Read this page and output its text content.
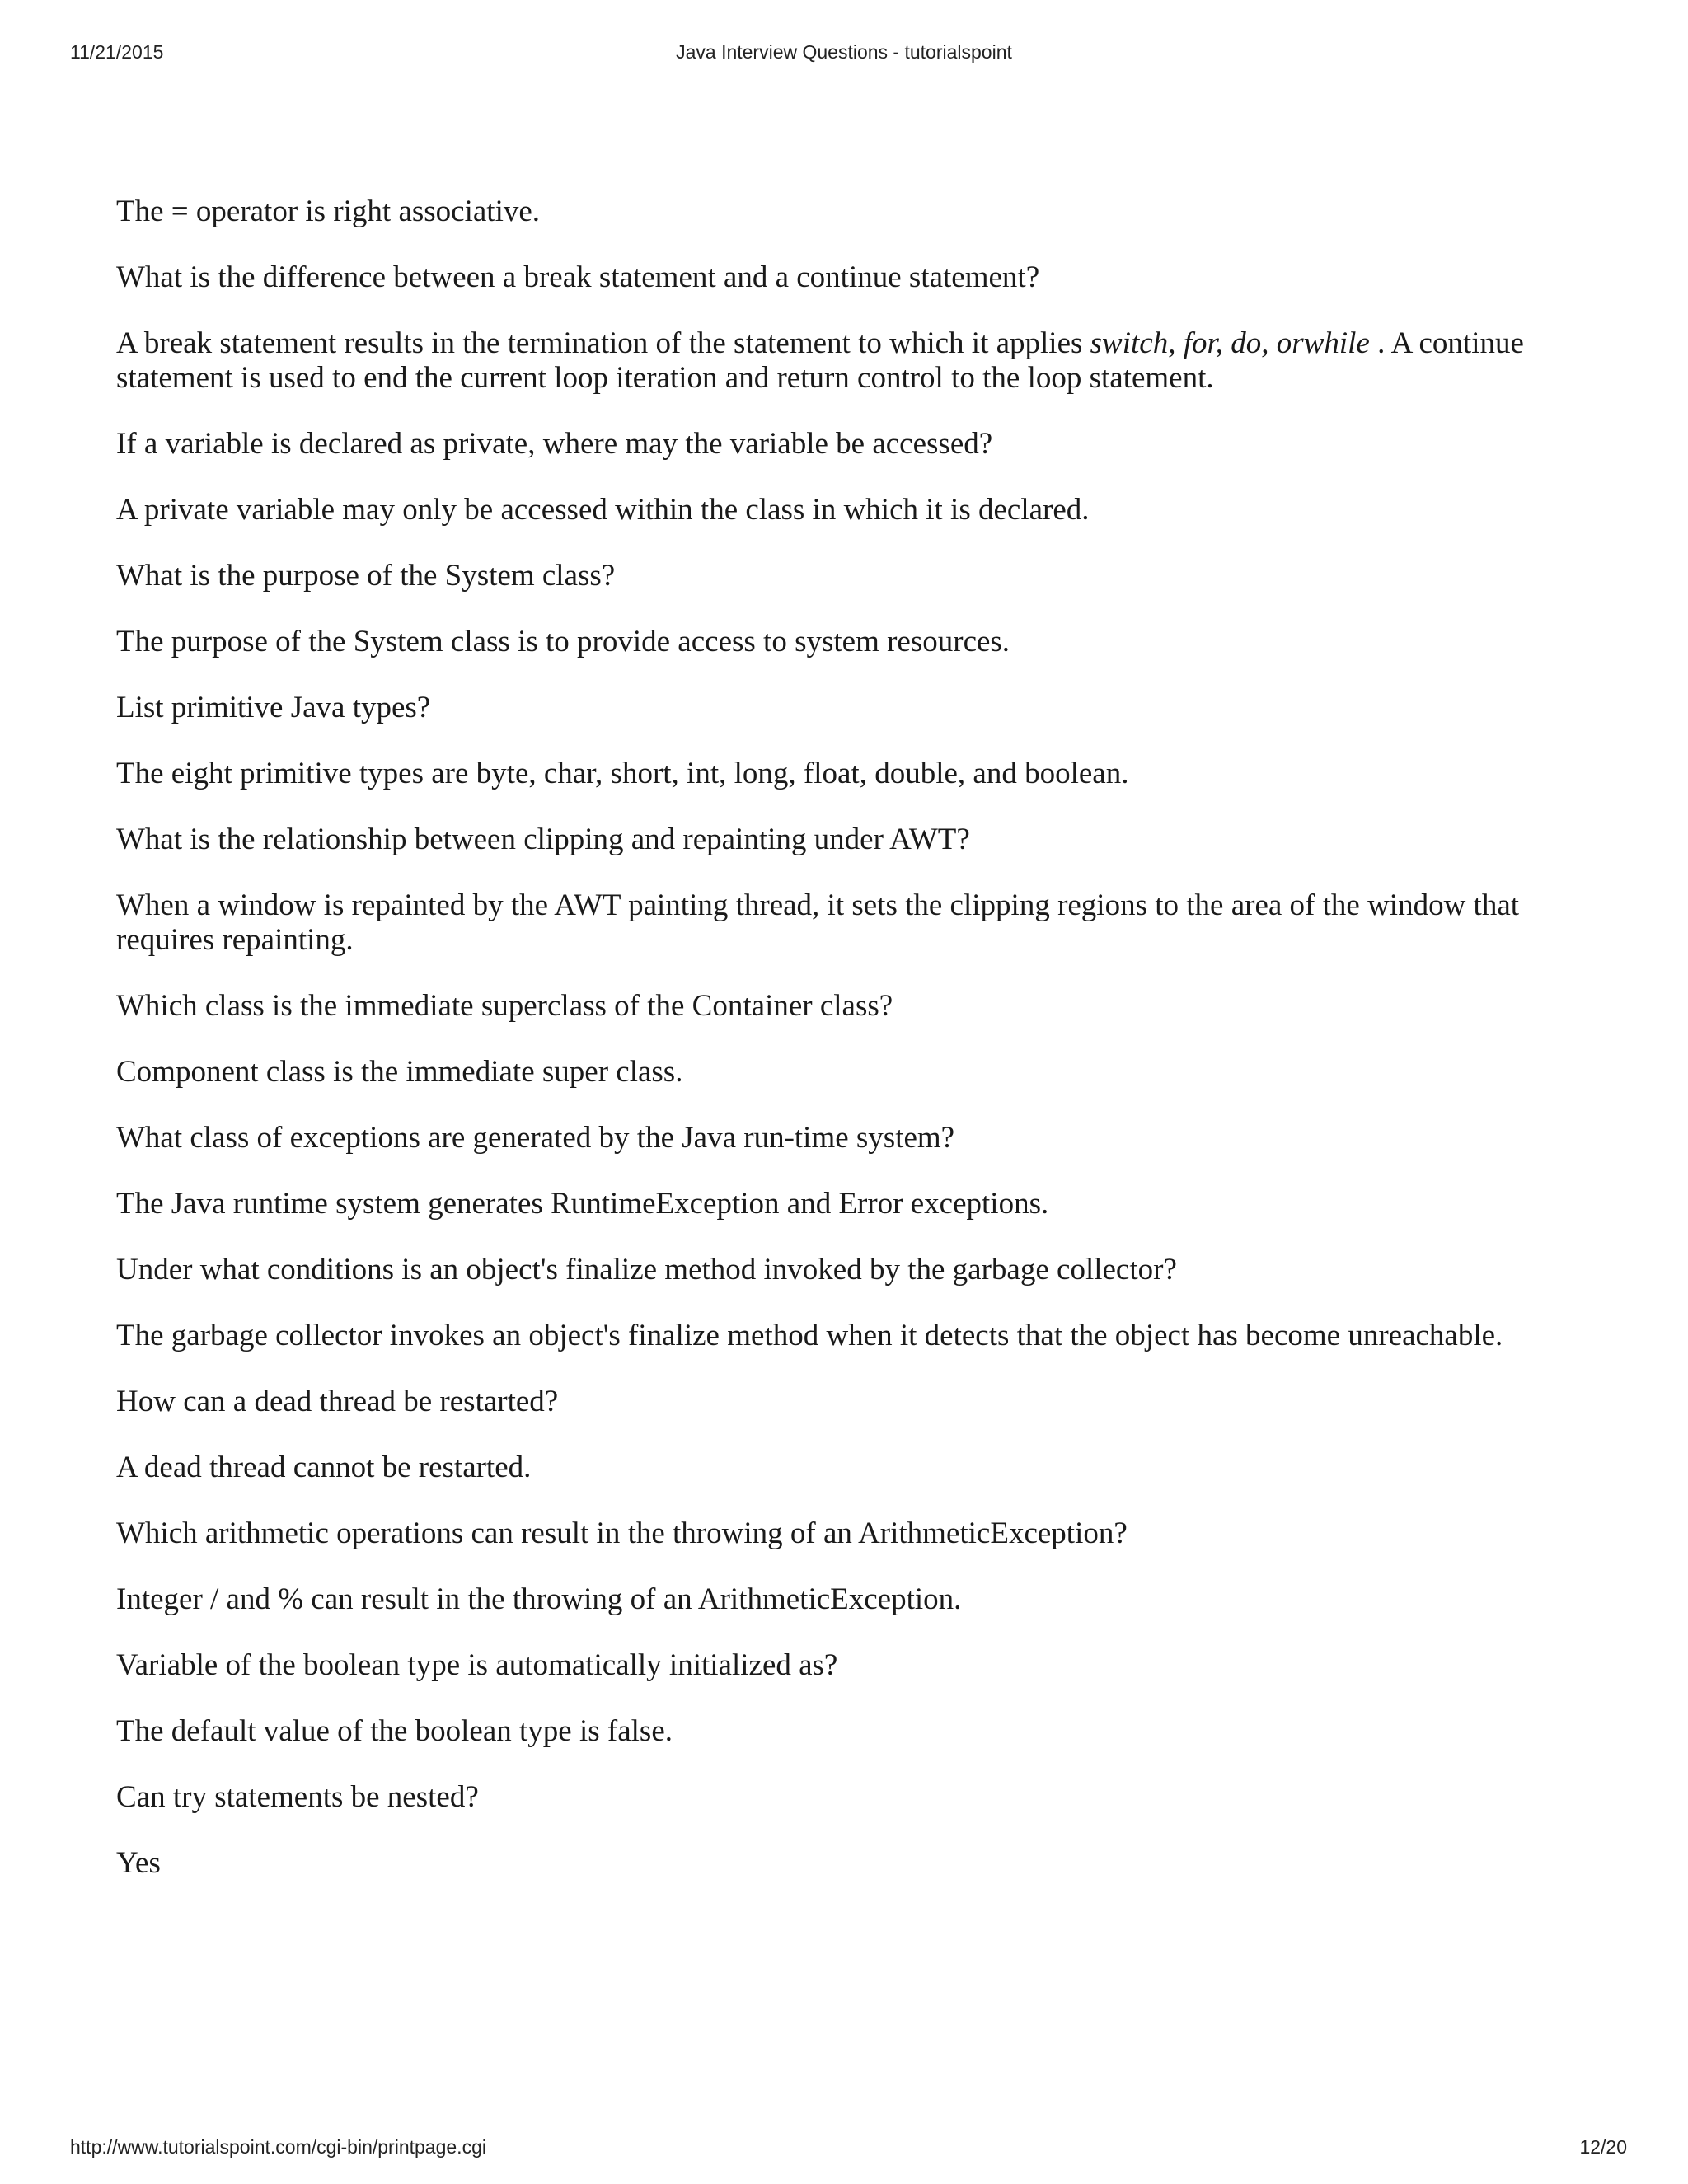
11/21/2015	Java Interview Questions - tutorialspoint

The = operator is right associative.

What is the difference between a break statement and a continue statement?

A break statement results in the termination of the statement to which it applies switch, for, do, orwhile . A continue statement is used to end the current loop iteration and return control to the loop statement.

If a variable is declared as private, where may the variable be accessed?

A private variable may only be accessed within the class in which it is declared.

What is the purpose of the System class?

The purpose of the System class is to provide access to system resources.

List primitive Java types?

The eight primitive types are byte, char, short, int, long, float, double, and boolean.

What is the relationship between clipping and repainting under AWT?

When a window is repainted by the AWT painting thread, it sets the clipping regions to the area of the window that requires repainting.

Which class is the immediate superclass of the Container class?

Component class is the immediate super class.

What class of exceptions are generated by the Java run-time system?

The Java runtime system generates RuntimeException and Error exceptions.

Under what conditions is an object's finalize method invoked by the garbage collector?

The garbage collector invokes an object's finalize method when it detects that the object has become unreachable.

How can a dead thread be restarted?

A dead thread cannot be restarted.

Which arithmetic operations can result in the throwing of an ArithmeticException?

Integer / and % can result in the throwing of an ArithmeticException.

Variable of the boolean type is automatically initialized as?

The default value of the boolean type is false.

Can try statements be nested?

Yes

http://www.tutorialspoint.com/cgi-bin/printpage.cgi	12/20
